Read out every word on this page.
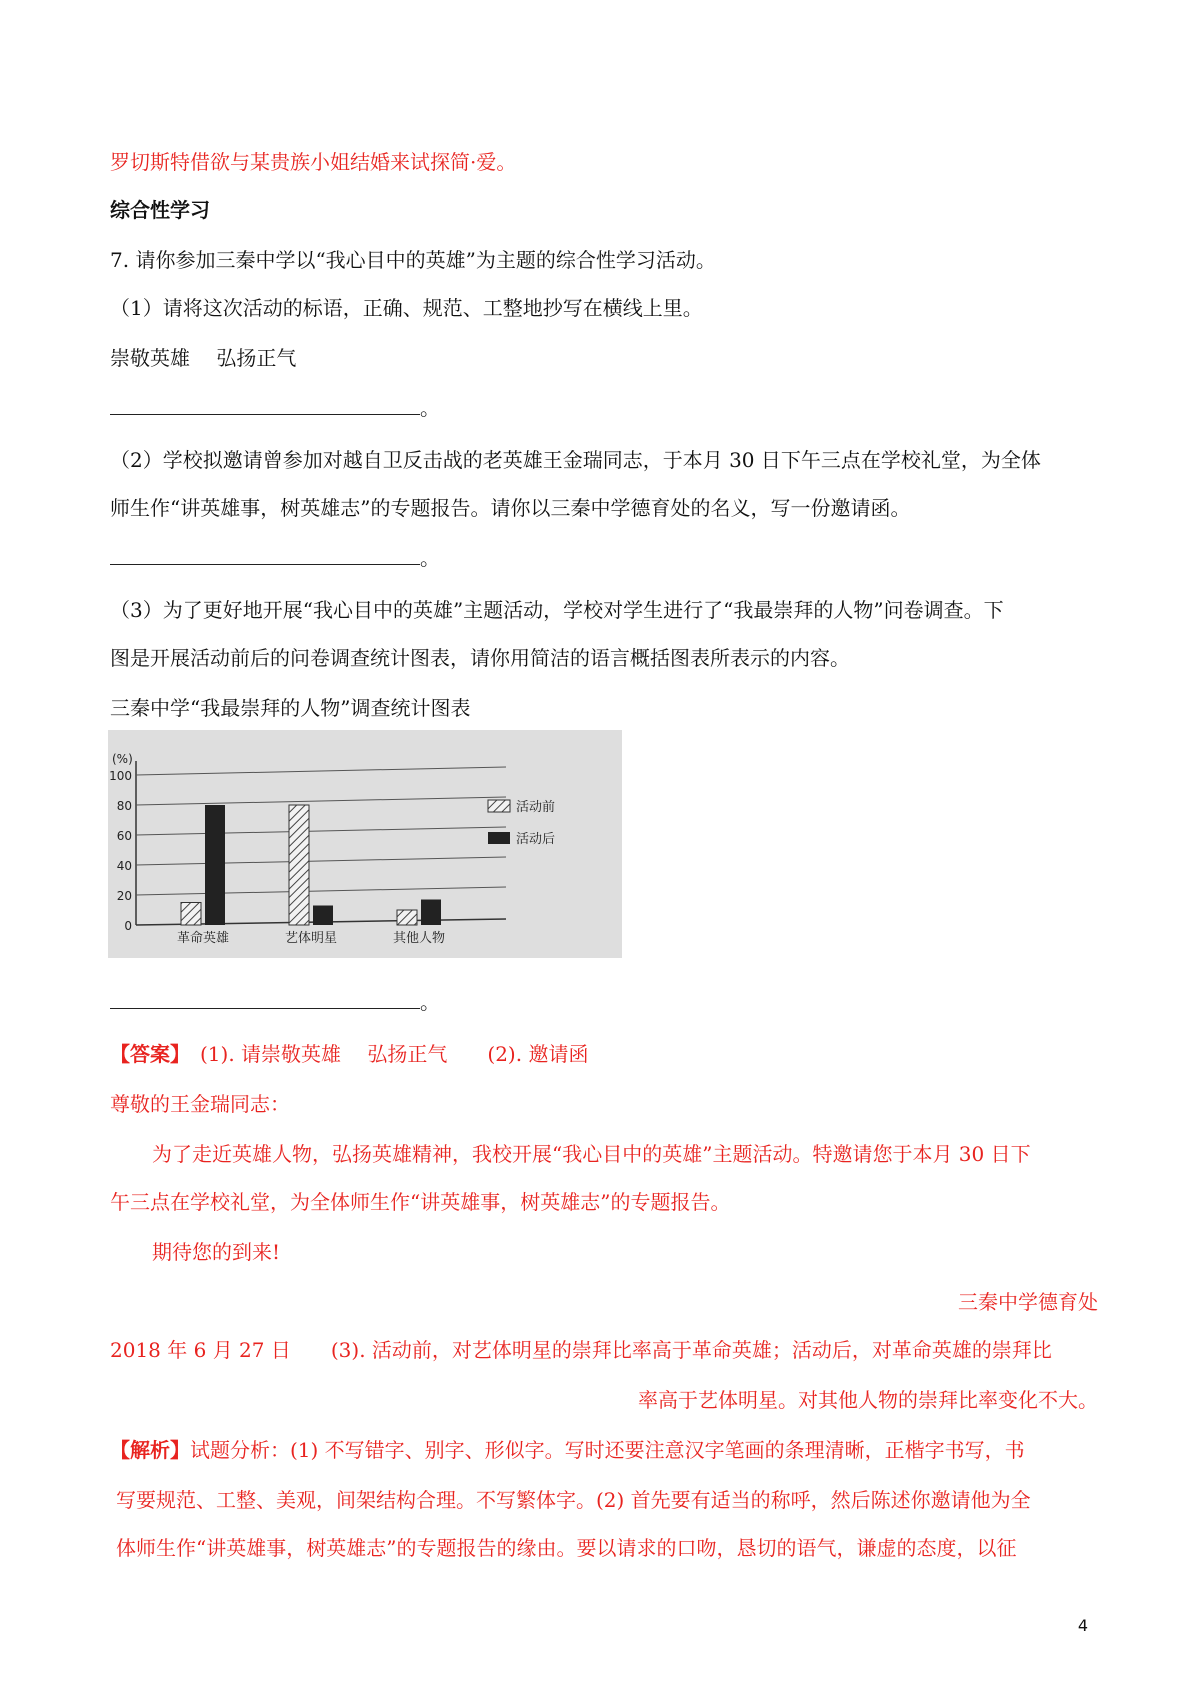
罗切斯特借欲与某贵族小姐结婚来试探简·爱。
综合性学习
7. 请你参加三秦中学以“我心目中的英雄”为主题的综合性学习活动。
（1）请将这次活动的标语，正确、规范、工整地抄写在横线上里。
崇敬英雄　 弘扬正气
。
（2）学校拟邀请曾参加对越自卫反击战的老英雄王金瑞同志，于本月 30 日下午三点在学校礼堂，为全体
师生作“讲英雄事，树英雄志”的专题报告。请你以三秦中学德育处的名义，写一份邀请函。
。
（3）为了更好地开展“我心目中的英雄”主题活动，学校对学生进行了“我最崇拜的人物”问卷调查。下
图是开展活动前后的问卷调查统计图表，请你用简洁的语言概括图表所表示的内容。
三秦中学“我最崇拜的人物”调查统计图表
0
20
40
60
80
100
(%)
革命英雄	艺体明星	其他人物
活动前
活动后
。
【答案】　(1). 请崇敬英雄　 弘扬正气　　(2). 邀请函
尊敬的王金瑞同志：
为了走近英雄人物，弘扬英雄精神，我校开展“我心目中的英雄”主题活动。特邀请您于本月 30 日下
午三点在学校礼堂，为全体师生作“讲英雄事，树英雄志”的专题报告。
期待您的到来!
三秦中学德育处
2018 年 6 月 27 日　　(3). 活动前，对艺体明星的崇拜比率高于革命英雄；活动后，对革命英雄的崇拜比
率高于艺体明星。对其他人物的崇拜比率变化不大。
【解析】试题分析：(1) 不写错字、别字、形似字。写时还要注意汉字笔画的条理清晰，正楷字书写，书
写要规范、工整、美观，间架结构合理。不写繁体字。(2) 首先要有适当的称呼，然后陈述你邀请他为全
体师生作“讲英雄事，树英雄志”的专题报告的缘由。要以请求的口吻，恳切的语气，谦虚的态度，以征
4
